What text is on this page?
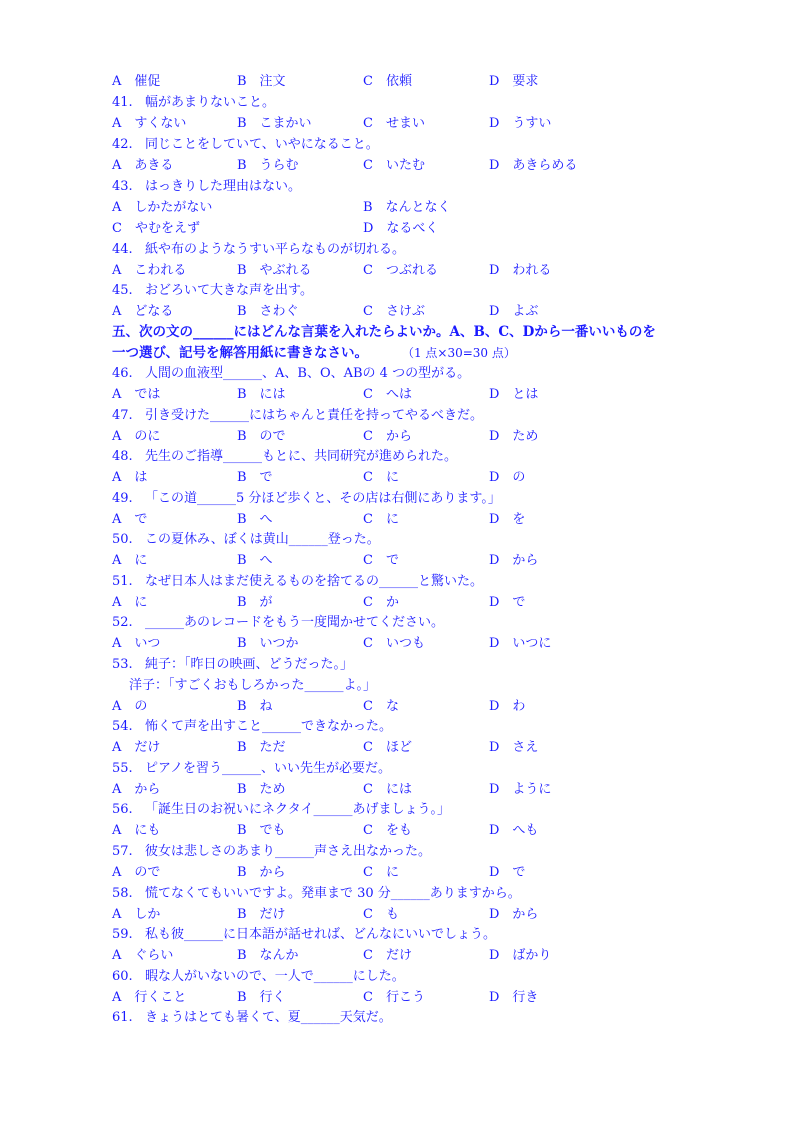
A　催促	B　注文	C　依頼	D　要求
41. 幅があまりないこと。
A　すくない	B　こまかい	C　せまい	D　うすい
42. 同じことをしていて、いやになること。
A　あきる	B　うらむ	C　いたむ	D　あきらめる
43. はっきりした理由はない。
A　しかたがない	B　なんとなく
C　やむをえず	D　なるべく
44. 紙や布のようなうすい平らなものが切れる。
A　こわれる	B　やぶれる	C　つぶれる	D　われる
45. おどろいて大きな声を出す。
A　どなる	B　さわぐ	C　さけぶ	D　よぶ
五、次の文の______にはどんな言葉を入れたらよいか。A、B、C、Dから一番いいものを
一つ選び、記号を解答用紙に書きなさい。	（1 点×30=30 点）
46. 人間の血液型______、A、B、O、ABの 4 つの型がる。
A　では	B　には	C　へは	D　とは
47. 引き受けた______にはちゃんと責任を持ってやるべきだ。
A　のに	B　ので	C　から	D　ため
48. 先生のご指導______もとに、共同研究が進められた。
A　は	B　で	C　に	D　の
49. 「この道______5 分ほど歩くと、その店は右側にあります。」
A　で	B　へ	C　に	D　を
50. この夏休み、ぼくは黄山______登った。
A　に	B　へ	C　で	D　から
51. なぜ日本人はまだ使えるものを捨てるの______と驚いた。
A　に	B　が	C　か	D　で
52. ______あのレコードをもう一度聞かせてください。
A　いつ	B　いつか	C　いつも	D　いつに
53. 純子：「昨日の映画、どうだった。」
洋子：「すごくおもしろかった______よ。」
A　の	B　ね	C　な	D　わ
54. 怖くて声を出すこと______できなかった。
A　だけ	B　ただ	C　ほど	D　さえ
55. ピアノを習う______、いい先生が必要だ。
A　から	B　ため	C　には	D　ように
56. 「誕生日のお祝いにネクタイ______あげましょう。」
A　にも	B　でも	C　をも	D　へも
57. 彼女は悲しさのあまり______声さえ出なかった。
A　ので	B　から	C　に	D　で
58. 慌てなくてもいいですよ。発車まで 30 分______ありますから。
A　しか	B　だけ	C　も	D　から
59. 私も彼______に日本語が話せれば、どんなにいいでしょう。
A　ぐらい	B　なんか	C　だけ	D　ばかり
60. 暇な人がいないので、一人で______にした。
A　行くこと	B　行く	C　行こう	D　行き
61. きょうはとても暑くて、夏______天気だ。
